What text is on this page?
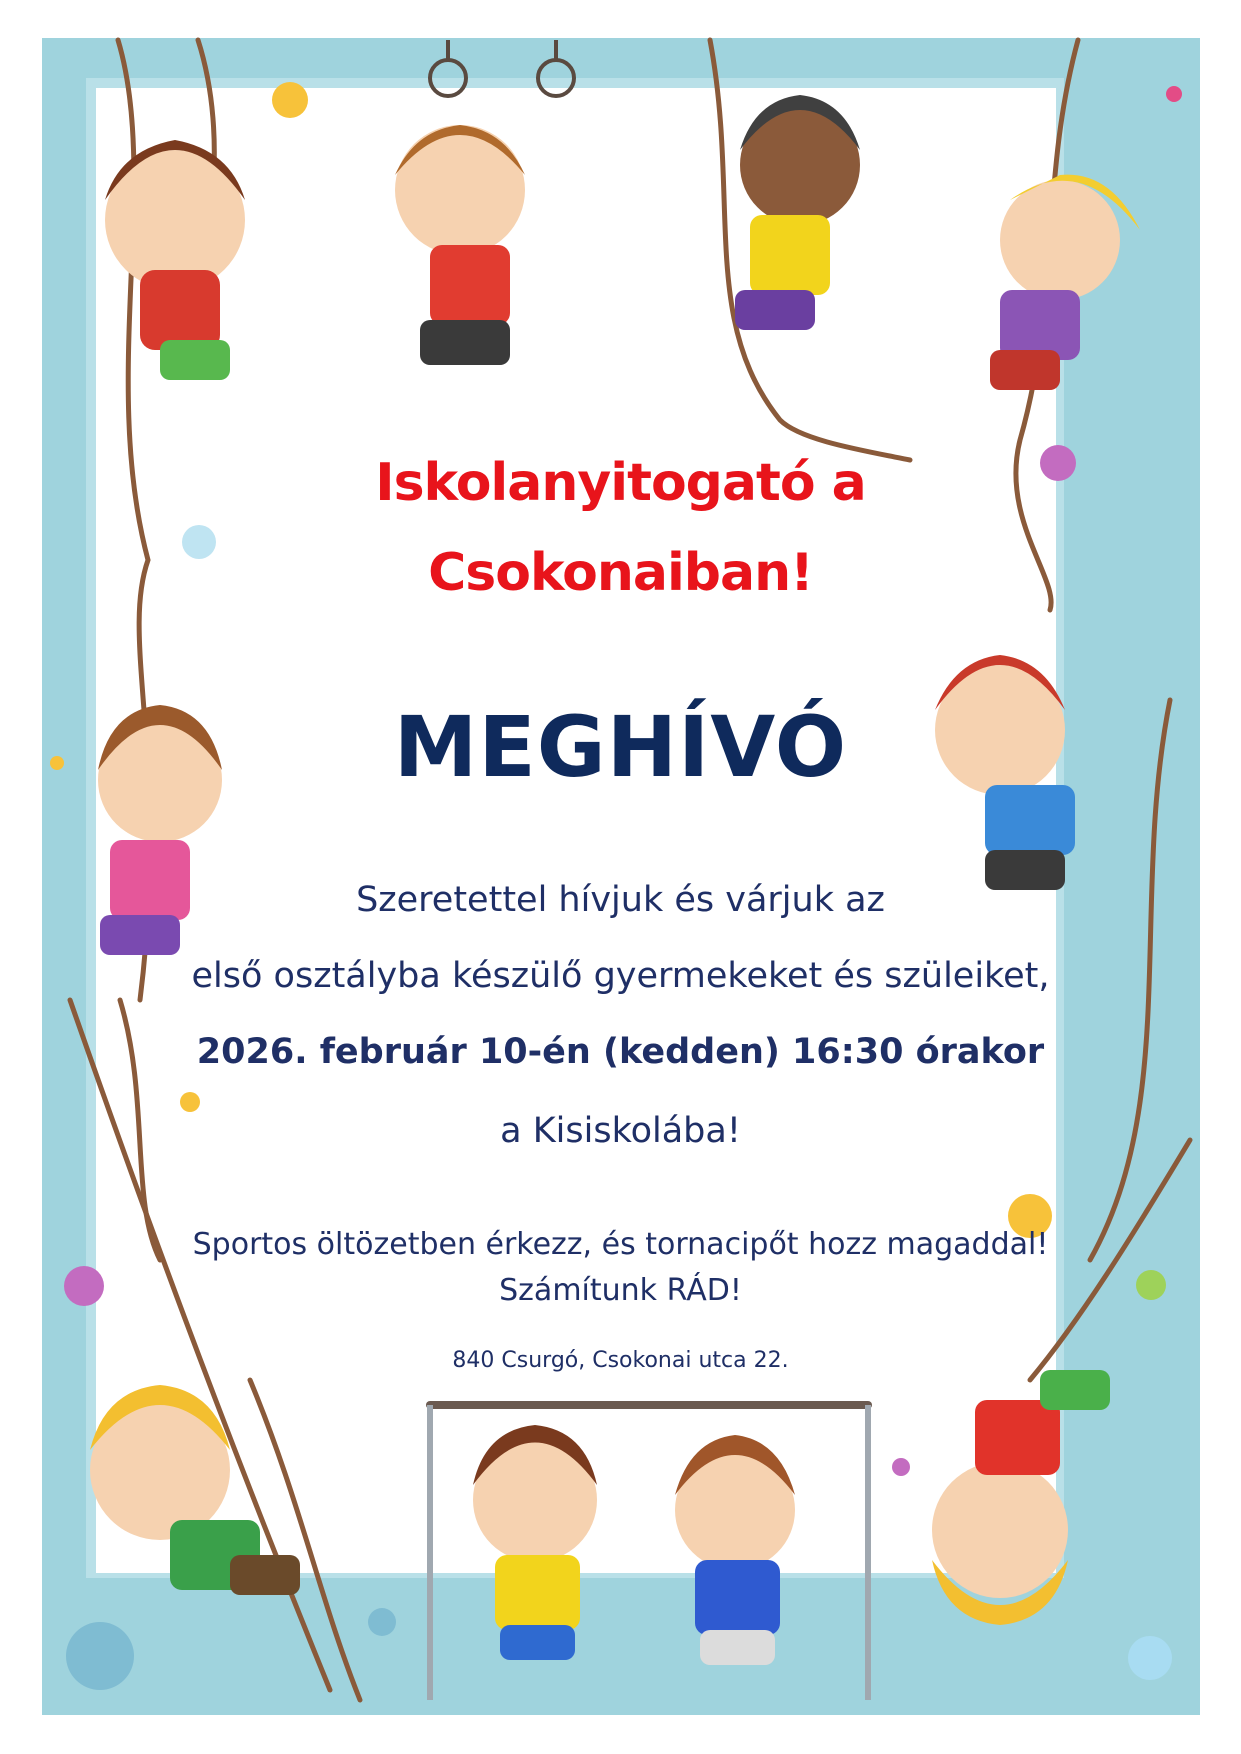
Iskolanyitogató a
Csokonaiban!
MEGHÍVÓ
Szeretettel hívjuk és várjuk az
első osztályba készülő gyermekeket és szüleiket,
2026. február 10-én (kedden) 16:30 órakor
a Kisiskolába!
Sportos öltözetben érkezz, és tornacipőt hozz magaddal!
Számítunk RÁD!
840 Csurgó, Csokonai utca 22.
